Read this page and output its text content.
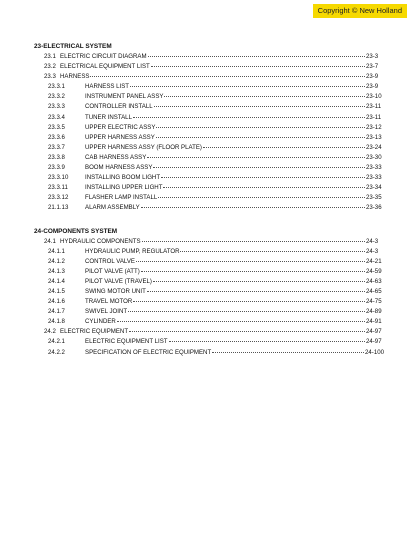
Copyright © New Holland
23-ELECTRICAL SYSTEM
23.1 ELECTRIC CIRCUIT DIAGRAM	23-3
23.2 ELECTRICAL EQUIPMENT LIST	23-7
23.3 HARNESS	23-9
23.3.1	HARNESS LIST	23-9
23.3.2	INSTRUMENT PANEL ASSY	23-10
23.3.3	CONTROLLER INSTALL	23-11
23.3.4	TUNER INSTALL	23-11
23.3.5	UPPER ELECTRIC ASSY	23-12
23.3.6	UPPER HARNESS ASSY	23-13
23.3.7	UPPER HARNESS ASSY (FLOOR PLATE)	23-24
23.3.8	CAB HARNESS ASSY	23-30
23.3.9	BOOM HARNESS ASSY	23-33
23.3.10	INSTALLING BOOM LIGHT	23-33
23.3.11	INSTALLING UPPER LIGHT	23-34
23.3.12	FLASHER LAMP INSTALL	23-35
21.1.13	ALARM ASSEMBLY	23-36
24-COMPONENTS SYSTEM
24.1 HYDRAULIC COMPONENTS	24-3
24.1.1	HYDRAULIC PUMP, REGULATOR	24-3
24.1.2	CONTROL VALVE	24-21
24.1.3	PILOT VALVE (ATT)	24-59
24.1.4	PILOT VALVE (TRAVEL)	24-63
24.1.5	SWING MOTOR UNIT	24-65
24.1.6	TRAVEL MOTOR	24-75
24.1.7	SWIVEL JOINT	24-89
24.1.8	CYLINDER	24-91
24.2 ELECTRIC EQUIPMENT	24-97
24.2.1	ELECTRIC EQUIPMENT LIST	24-97
24.2.2	SPECIFICATION OF ELECTRIC EQUIPMENT	24-100
